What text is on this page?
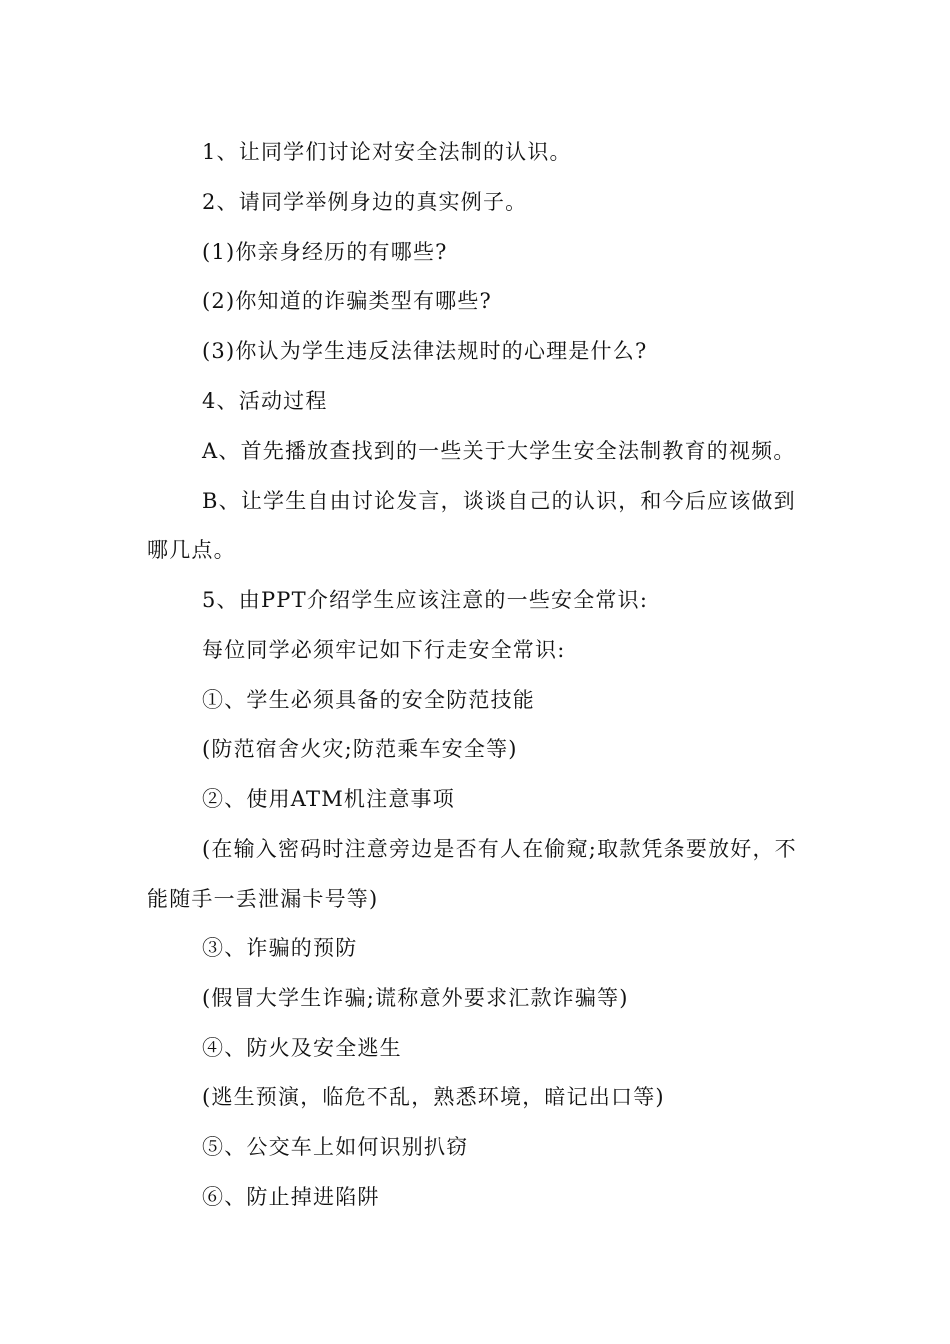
1、让同学们讨论对安全法制的认识。
2、请同学举例身边的真实例子。
(1)你亲身经历的有哪些?
(2)你知道的诈骗类型有哪些?
(3)你认为学生违反法律法规时的心理是什么?
4、活动过程
A、首先播放查找到的一些关于大学生安全法制教育的视频。
B、让学生自由讨论发言，谈谈自己的认识，和今后应该做到
哪几点。
5、由PPT介绍学生应该注意的一些安全常识:
每位同学必须牢记如下行走安全常识:
①、学生必须具备的安全防范技能
(防范宿舍火灾;防范乘车安全等)
②、使用ATM机注意事项
(在输入密码时注意旁边是否有人在偷窥;取款凭条要放好，不
能随手一丢泄漏卡号等)
③、诈骗的预防
(假冒大学生诈骗;谎称意外要求汇款诈骗等)
④、防火及安全逃生
(逃生预演，临危不乱，熟悉环境，暗记出口等)
⑤、公交车上如何识别扒窃
⑥、防止掉进陷阱
